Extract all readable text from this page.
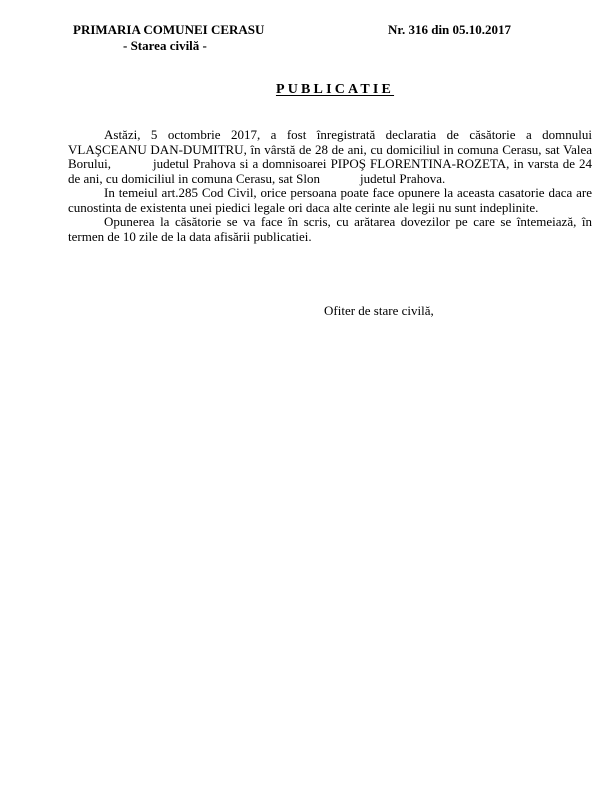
PRIMARIA COMUNEI CERASU
- Starea civilă -
Nr. 316 din 05.10.2017
PUBLICATIE

Astăzi, 5 octombrie 2017, a fost înregistrată declaratia de căsătorie a domnului VLAŞCEANU DAN-DUMITRU, în vârstă de 28 de ani, cu domiciliul in comuna Cerasu, sat Valea Borului,	judetul Prahova si a domnisoarei PIPOŞ FLORENTINA-ROZETA, in varsta de 24 de ani, cu domiciliul in comuna Cerasu, sat Slon	judetul Prahova.

In temeiul art.285 Cod Civil, orice persoana poate face opunere la aceasta casatorie daca are cunostinta de existenta unei piedici legale ori daca alte cerinte ale legii nu sunt indeplinite.

Opunerea la căsătorie se va face în scris, cu arătarea dovezilor pe care se întemeiază, în termen de 10 zile de la data afisării publicatiei.

Ofiter de stare civilă,
